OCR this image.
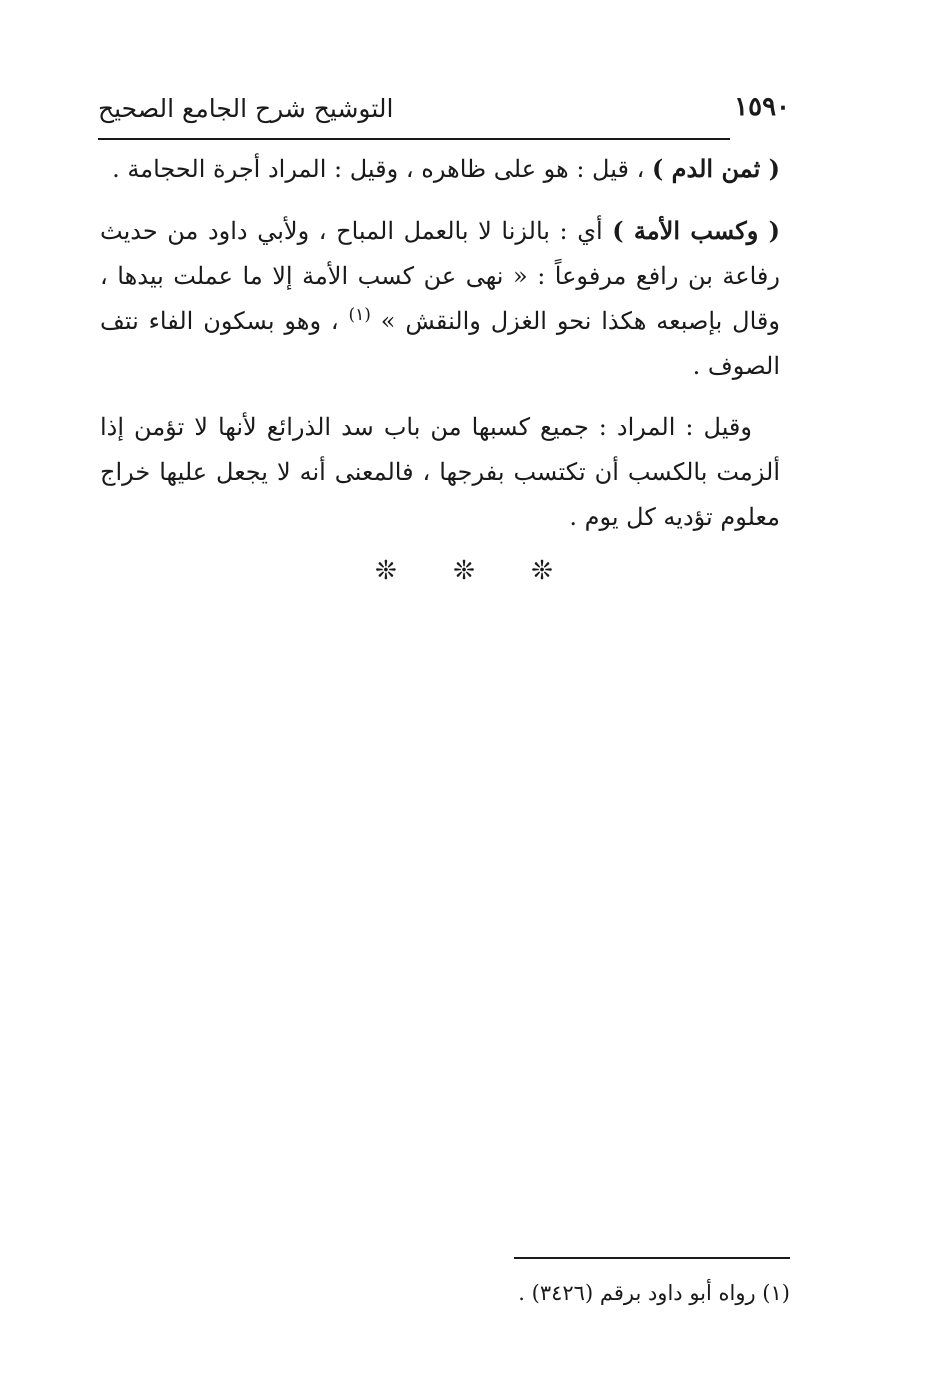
١٥٩٠
التوشيح شرح الجامع الصحيح

( ثمن الدم ) ، قيل : هو على ظاهره ، وقيل : المراد أجرة الحجامة .

( وكسب الأمة ) أي : بالزنا لا بالعمل المباح ، ولأبي داود من حديث رفاعة بن رافع مرفوعاً : « نهى عن كسب الأمة إلا ما عملت بيدها ، وقال بإصبعه هكذا نحو الغزل والنقش » $^{(١)}$ ، وهو بسكون الفاء نتف الصوف .

وقيل : المراد : جميع كسبها من باب سد الذرائع لأنها لا تؤمن إذا ألزمت بالكسب أن تكتسب بفرجها ، فالمعنى أنه لا يجعل عليها خراج معلوم تؤديه كل يوم .

❊ ❊ ❊
(١) رواه أبو داود برقم (٣٤٢٦) .
